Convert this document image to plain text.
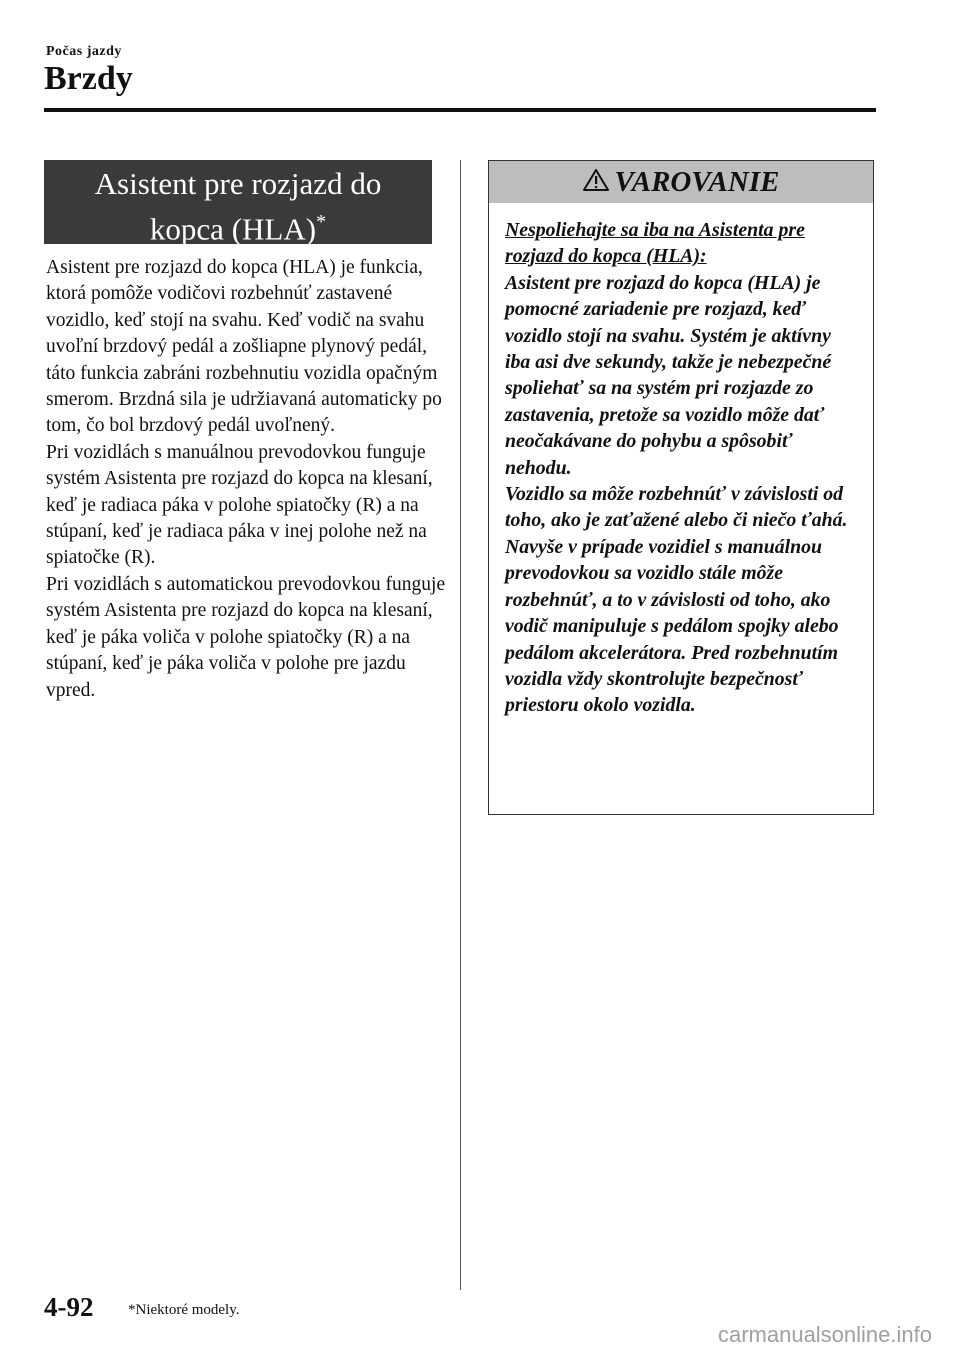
Počas jazdy
Brzdy
Asistent pre rozjazd do
kopca (HLA)*

Asistent pre rozjazd do kopca (HLA) je funkcia, ktorá pomôže vodičovi rozbehnúť zastavené vozidlo, keď stojí na svahu. Keď vodič na svahu uvoľní brzdový pedál a zošliapne plynový pedál, táto funkcia zabráni rozbehnutiu vozidla opačným smerom. Brzdná sila je udržiavaná automaticky po tom, čo bol brzdový pedál uvoľnený.

Pri vozidlách s manuálnou prevodovkou funguje systém Asistenta pre rozjazd do kopca na klesaní, keď je radiaca páka v polohe spiatočky (R) a na stúpaní, keď je radiaca páka v inej polohe než na spiatočke (R).

Pri vozidlách s automatickou prevodovkou funguje systém Asistenta pre rozjazd do kopca na klesaní, keď je páka voliča v polohe spiatočky (R) a na stúpaní, keď je páka voliča v polohe pre jazdu vpred.

VAROVANIE
Nespoliehajte sa iba na Asistenta pre rozjazd do kopca (HLA):
Asistent pre rozjazd do kopca (HLA) je pomocné zariadenie pre rozjazd, keď vozidlo stojí na svahu. Systém je aktívny iba asi dve sekundy, takže je nebezpečné spoliehať sa na systém pri rozjazde zo zastavenia, pretože sa vozidlo môže dať neočakávane do pohybu a spôsobiť nehodu.
Vozidlo sa môže rozbehnúť v závislosti od toho, ako je zaťažené alebo či niečo ťahá. Navyše v prípade vozidiel s manuálnou prevodovkou sa vozidlo stále môže rozbehnúť, a to v závislosti od toho, ako vodič manipuluje s pedálom spojky alebo pedálom akcelerátora. Pred rozbehnutím vozidla vždy skontrolujte bezpečnosť priestoru okolo vozidla.
4-92 *Niektoré modely.
carmanualsonline.info
